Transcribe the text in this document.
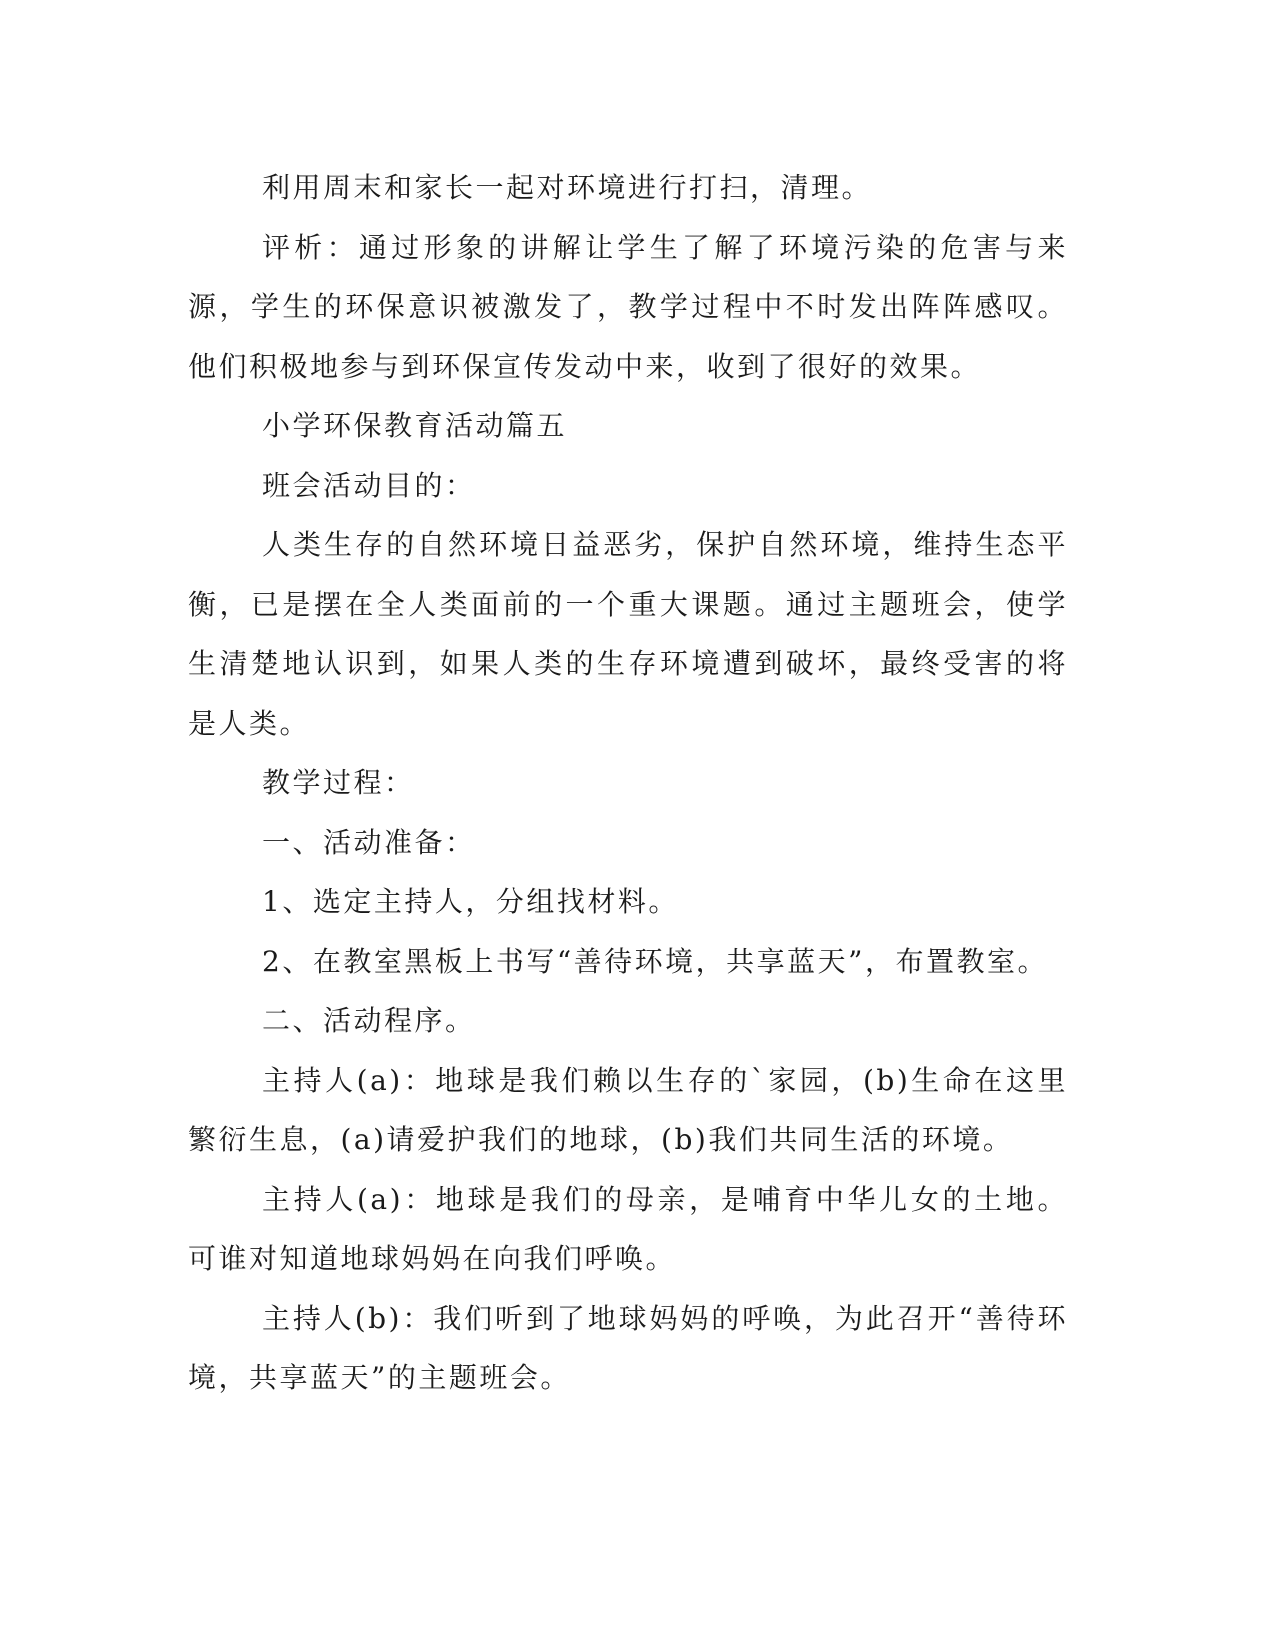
利用周末和家长一起对环境进行打扫，清理。

评析：通过形象的讲解让学生了解了环境污染的危害与来源，学生的环保意识被激发了，教学过程中不时发出阵阵感叹。他们积极地参与到环保宣传发动中来，收到了很好的效果。

小学环保教育活动篇五

班会活动目的：

人类生存的自然环境日益恶劣，保护自然环境，维持生态平衡，已是摆在全人类面前的一个重大课题。通过主题班会，使学生清楚地认识到，如果人类的生存环境遭到破坏，最终受害的将是人类。

教学过程：

一、活动准备：

1、选定主持人，分组找材料。

2、在教室黑板上书写“善待环境，共享蓝天”，布置教室。

二、活动程序。

主持人(a)：地球是我们赖以生存的`家园，(b)生命在这里繁衍生息，(a)请爱护我们的地球，(b)我们共同生活的环境。

主持人(a)：地球是我们的母亲，是哺育中华儿女的土地。可谁对知道地球妈妈在向我们呼唤。

主持人(b)：我们听到了地球妈妈的呼唤，为此召开“善待环境，共享蓝天”的主题班会。
